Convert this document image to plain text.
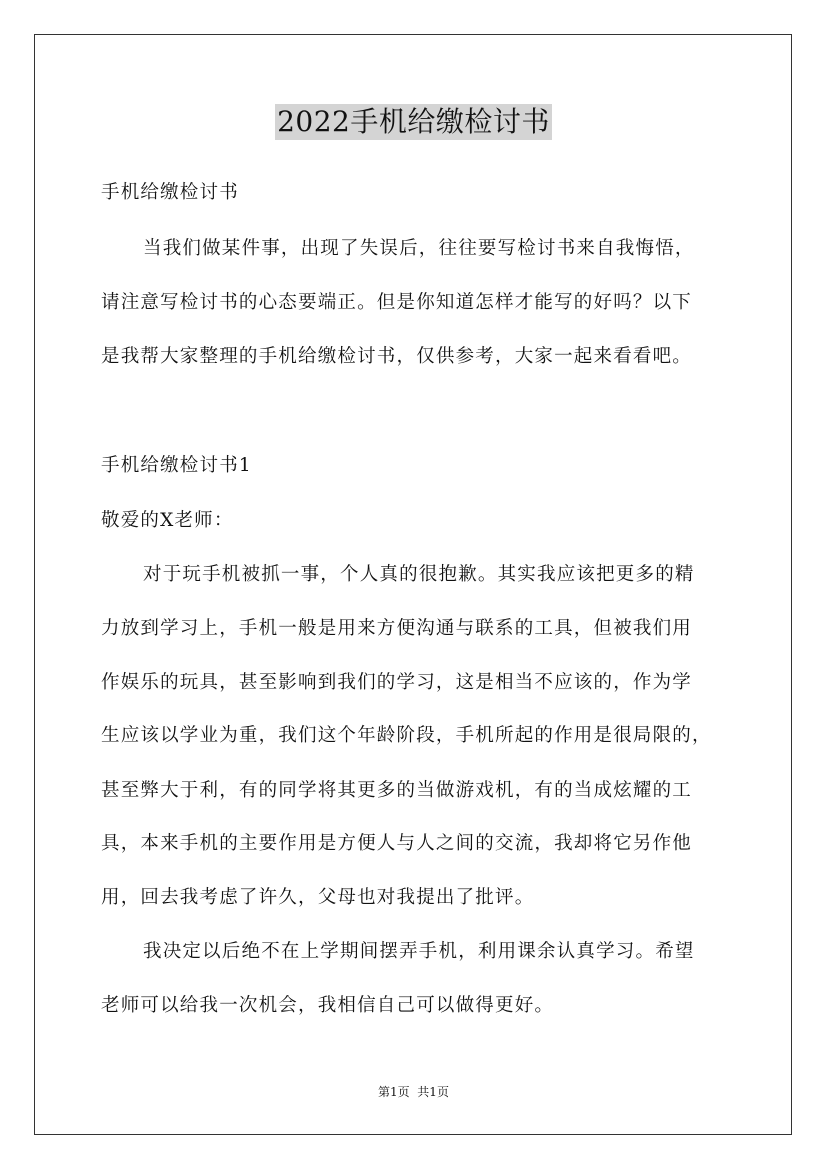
2022手机给缴检讨书
手机给缴检讨书
当我们做某件事，出现了失误后，往往要写检讨书来自我悔悟，
请注意写检讨书的心态要端正。但是你知道怎样才能写的好吗？以下
是我帮大家整理的手机给缴检讨书，仅供参考，大家一起来看看吧。
手机给缴检讨书1
敬爱的X老师：
对于玩手机被抓一事，个人真的很抱歉。其实我应该把更多的精
力放到学习上，手机一般是用来方便沟通与联系的工具，但被我们用
作娱乐的玩具，甚至影响到我们的学习，这是相当不应该的，作为学
生应该以学业为重，我们这个年龄阶段，手机所起的作用是很局限的，
甚至弊大于利，有的同学将其更多的当做游戏机，有的当成炫耀的工
具，本来手机的主要作用是方便人与人之间的交流，我却将它另作他
用，回去我考虑了许久，父母也对我提出了批评。
我决定以后绝不在上学期间摆弄手机，利用课余认真学习。希望
老师可以给我一次机会，我相信自己可以做得更好。
第1页  共1页
